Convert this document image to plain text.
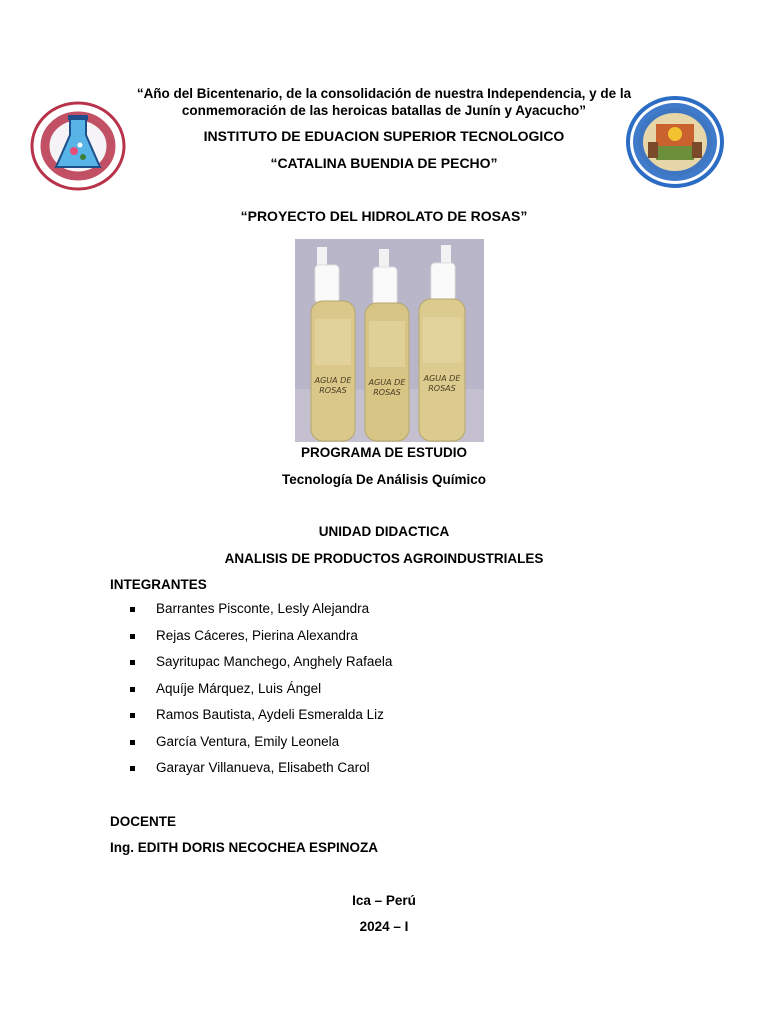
“Año del Bicentenario, de la consolidación de nuestra Independencia, y de la conmemoración de las heroicas batallas de Junín y Ayacucho”
INSTITUTO DE EDUACION SUPERIOR TECNOLOGICO
“CATALINA BUENDIA DE PECHO”
“PROYECTO DEL HIDROLATO DE ROSAS”
AGUA DE
ROSAS
AGUA DE
ROSAS
AGUA DE
ROSAS
PROGRAMA DE ESTUDIO
Tecnología De Análisis Químico
UNIDAD DIDACTICA
ANALISIS DE PRODUCTOS AGROINDUSTRIALES
INTEGRANTES
Barrantes Pisconte, Lesly Alejandra
Rejas Cáceres, Pierina Alexandra
Sayritupac Manchego, Anghely Rafaela
Aquíje Márquez, Luis Ángel
Ramos Bautista, Aydeli Esmeralda Liz
García Ventura, Emily Leonela
Garayar Villanueva, Elisabeth Carol
DOCENTE
Ing. EDITH DORIS NECOCHEA ESPINOZA
Ica – Perú
2024 – I
